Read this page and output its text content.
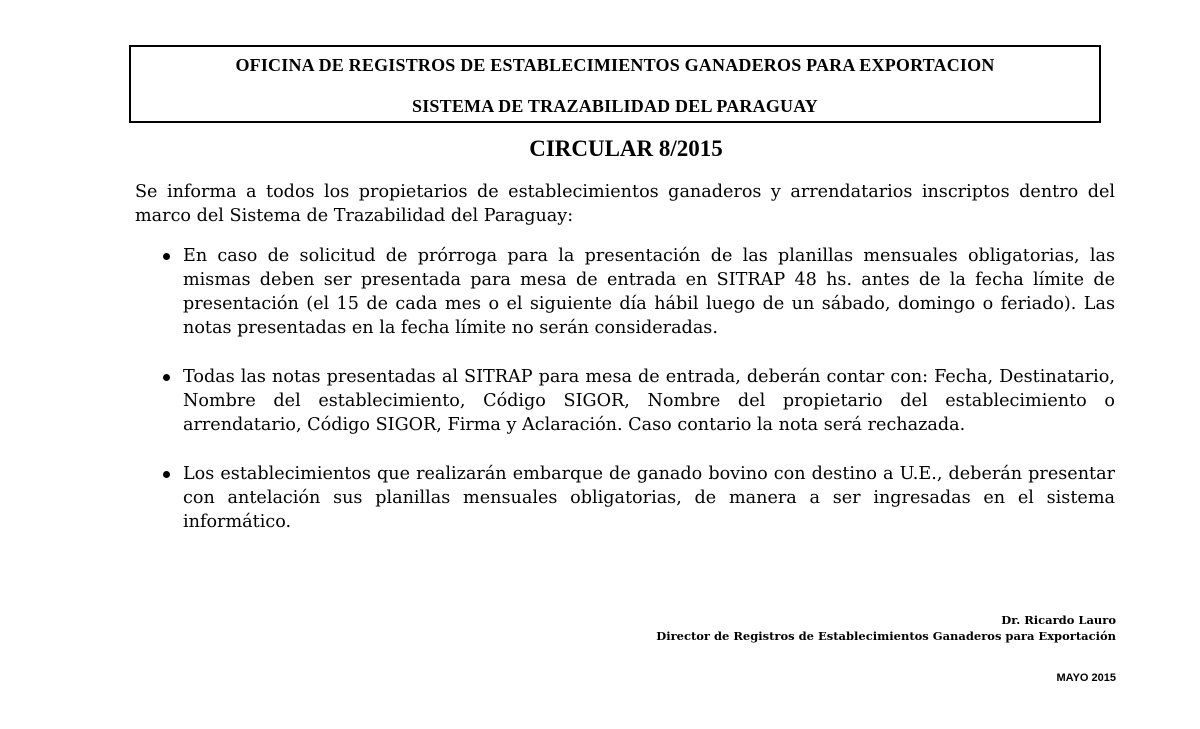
OFICINA DE REGISTROS DE ESTABLECIMIENTOS GANADEROS PARA EXPORTACION
SISTEMA DE TRAZABILIDAD DEL PARAGUAY
CIRCULAR 8/2015

Se informa a todos los propietarios de establecimientos ganaderos y arrendatarios inscriptos dentro del marco del Sistema de Trazabilidad del Paraguay:

En caso de solicitud de prórroga para la presentación de las planillas mensuales obligatorias, las mismas deben ser presentada para mesa de entrada en SITRAP 48 hs. antes de la fecha límite de presentación (el 15 de cada mes o el siguiente día hábil luego de un sábado, domingo o feriado). Las notas presentadas en la fecha límite no serán consideradas.
Todas las notas presentadas al SITRAP para mesa de entrada, deberán contar con: Fecha, Destinatario, Nombre del establecimiento, Código SIGOR, Nombre del propietario del establecimiento o arrendatario, Código SIGOR, Firma y Aclaración. Caso contario la nota será rechazada.
Los establecimientos que realizarán embarque de ganado bovino con destino a U.E., deberán presentar con antelación sus planillas mensuales obligatorias, de manera a ser ingresadas en el sistema informático.
Dr. Ricardo Lauro
Director de Registros de Establecimientos Ganaderos para Exportación
MAYO 2015
